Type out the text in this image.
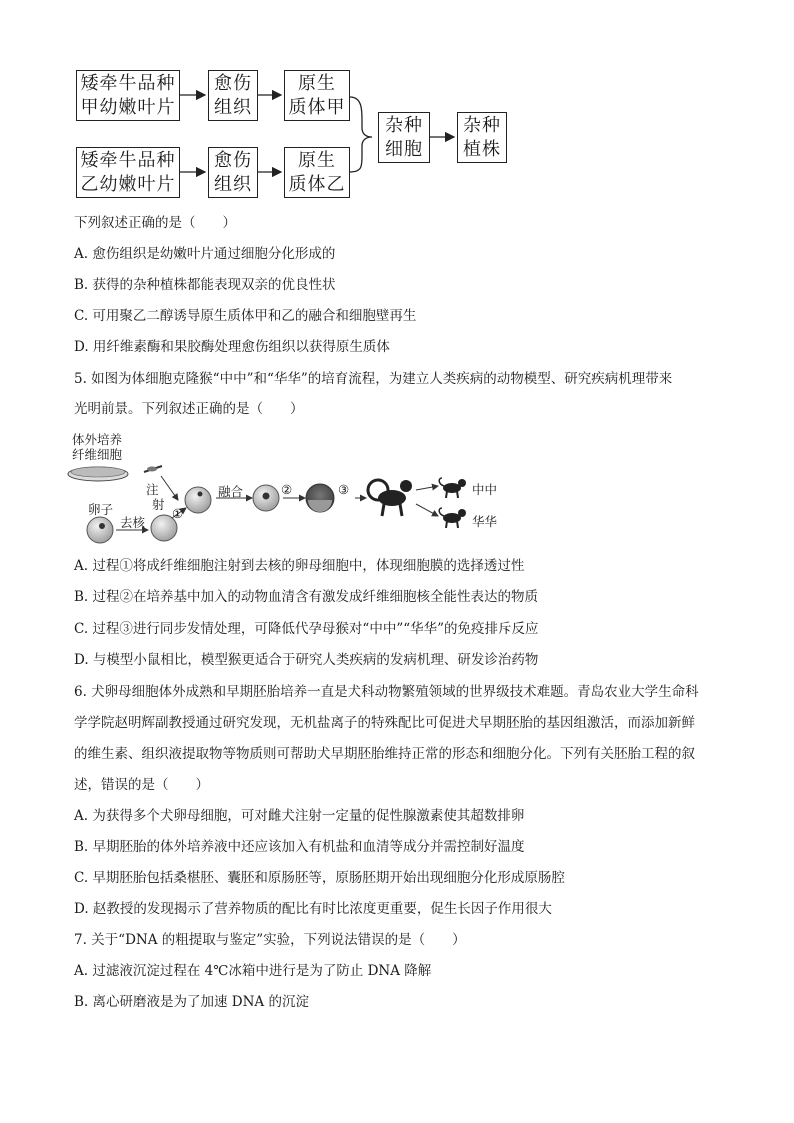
矮牵牛品种
甲幼嫩叶片
愈伤
组织
原生
质体甲
矮牵牛品种
乙幼嫩叶片
愈伤
组织
原生
质体乙
杂种
细胞
杂种
植株
下列叙述正确的是（　　）
A. 愈伤组织是幼嫩叶片通过细胞分化形成的
B. 获得的杂种植株都能表现双亲的优良性状
C. 可用聚乙二醇诱导原生质体甲和乙的融合和细胞壁再生
D. 用纤维素酶和果胶酶处理愈伤组织以获得原生质体
5. 如图为体细胞克隆猴“中中”和“华华”的培育流程，为建立人类疾病的动物模型、研究疾病机理带来
光明前景。下列叙述正确的是（　　）
体外培养
纤维细胞
卵子
去核
注
射
①
融合	②	③	中中
华华
A. 过程①将成纤维细胞注射到去核的卵母细胞中，体现细胞膜的选择透过性
B. 过程②在培养基中加入的动物血清含有激发成纤维细胞核全能性表达的物质
C. 过程③进行同步发情处理，可降低代孕母猴对“中中”“华华”的免疫排斥反应
D. 与模型小鼠相比，模型猴更适合于研究人类疾病的发病机理、研发诊治药物
6. 犬卵母细胞体外成熟和早期胚胎培养一直是犬科动物繁殖领域的世界级技术难题。青岛农业大学生命科
学学院赵明辉副教授通过研究发现，无机盐离子的特殊配比可促进犬早期胚胎的基因组激活，而添加新鲜
的维生素、组织液提取物等物质则可帮助犬早期胚胎维持正常的形态和细胞分化。下列有关胚胎工程的叙
述，错误的是（　　）
A. 为获得多个犬卵母细胞，可对雌犬注射一定量的促性腺激素使其超数排卵
B. 早期胚胎的体外培养液中还应该加入有机盐和血清等成分并需控制好温度
C. 早期胚胎包括桑椹胚、囊胚和原肠胚等，原肠胚期开始出现细胞分化形成原肠腔
D. 赵教授的发现揭示了营养物质的配比有时比浓度更重要，促生长因子作用很大
7. 关于“DNA 的粗提取与鉴定”实验，下列说法错误的是（　　）
A. 过滤液沉淀过程在 4℃冰箱中进行是为了防止 DNA 降解
B. 离心研磨液是为了加速 DNA 的沉淀
